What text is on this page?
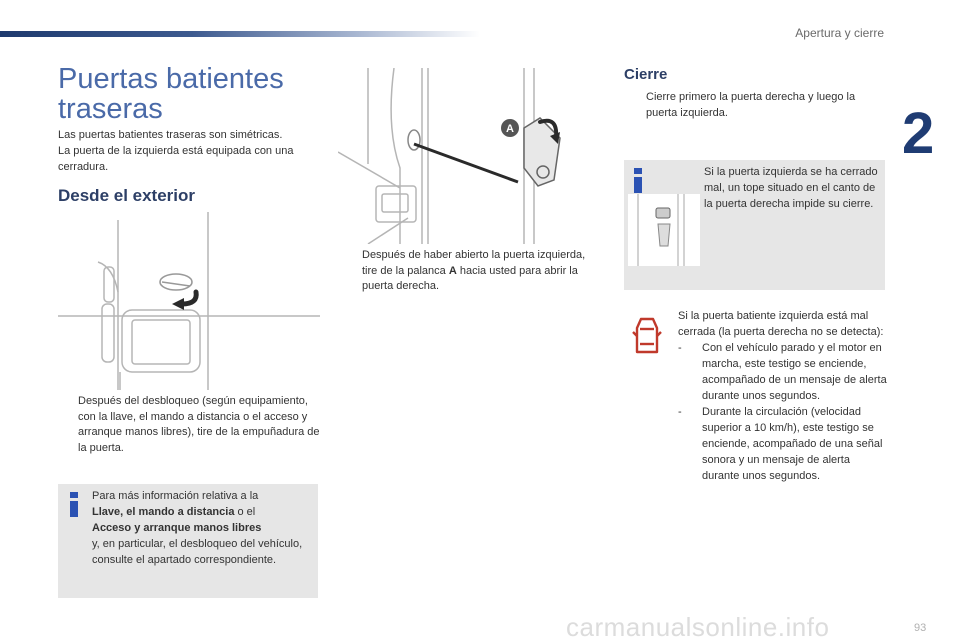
Apertura y cierre
2
93
Puertas batientes traseras
Las puertas batientes traseras son simétricas.
La puerta de la izquierda está equipada con una cerradura.
Desde el exterior
Después del desbloqueo (según equipamiento, con la llave, el mando a distancia o el acceso y arranque manos libres), tire de la empuñadura de la puerta.
Para más información relativa a la
Llave, el mando a distancia o el
Acceso y arranque manos libres
y, en particular, el desbloqueo del vehículo, consulte el apartado correspondiente.
A
Después de haber abierto la puerta izquierda, tire de la palanca A hacia usted para abrir la puerta derecha.
Cierre
Cierre primero la puerta derecha y luego la puerta izquierda.
Si la puerta izquierda se ha cerrado mal, un tope situado en el canto de la puerta derecha impide su cierre.
Si la puerta batiente izquierda está mal cerrada (la puerta derecha no se detecta):
- Con el vehículo parado y el motor en marcha, este testigo se enciende, acompañado de un mensaje de alerta durante unos segundos.
- Durante la circulación (velocidad superior a 10 km/h), este testigo se enciende, acompañado de una señal sonora y un mensaje de alerta durante unos segundos.
carmanualsonline.info
